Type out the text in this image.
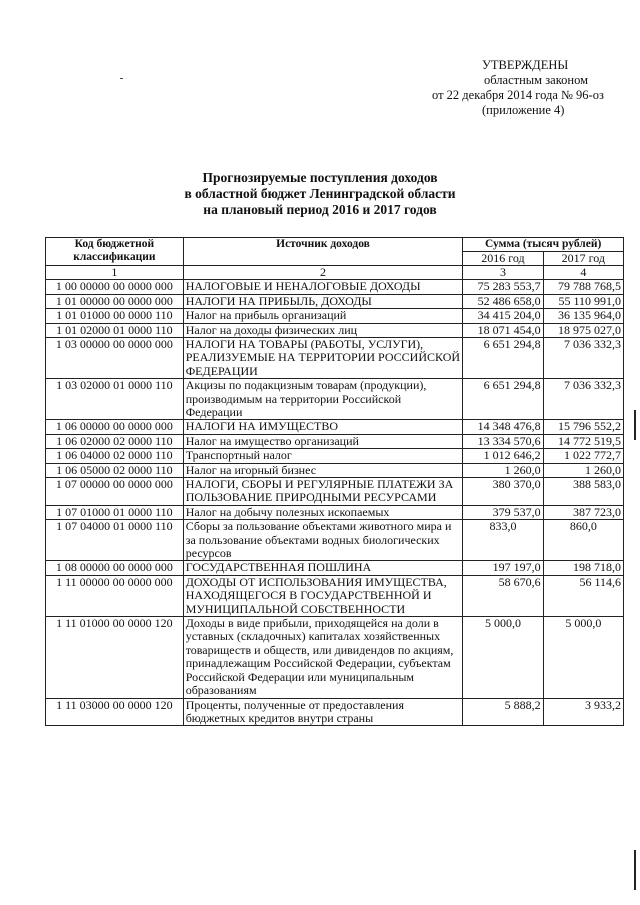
УТВЕРЖДЕНЫ
областным законом
от 22 декабря 2014 года № 96-оз
(приложение 4)
Прогнозируемые поступления доходов
в областной бюджет Ленинградской области
на плановый период 2016 и 2017 годов
Код бюджетной классификации	Источник доходов	Сумма (тысяч рублей)	
		2016 год	2017 год
1	2	3	4
1 00 00000 00 0000 000	НАЛОГОВЫЕ И НЕНАЛОГОВЫЕ ДОХОДЫ	75 283 553,7	79 788 768,5
1 01 00000 00 0000 000	НАЛОГИ НА ПРИБЫЛЬ, ДОХОДЫ	52 486 658,0	55 110 991,0
1 01 01000 00 0000 110	Налог на прибыль организаций	34 415 204,0	36 135 964,0
1 01 02000 01 0000 110	Налог на доходы физических лиц	18 071 454,0	18 975 027,0
1 03 00000 00 0000 000	НАЛОГИ НА ТОВАРЫ (РАБОТЫ, УСЛУГИ), РЕАЛИЗУЕМЫЕ НА ТЕРРИТОРИИ РОССИЙСКОЙ ФЕДЕРАЦИИ	6 651 294,8	7 036 332,3
1 03 02000 01 0000 110	Акцизы по подакцизным товарам (продукции), производимым на территории Российской Федерации	6 651 294,8	7 036 332,3
1 06 00000 00 0000 000	НАЛОГИ НА ИМУЩЕСТВО	14 348 476,8	15 796 552,2
1 06 02000 02 0000 110	Налог на имущество организаций	13 334 570,6	14 772 519,5
1 06 04000 02 0000 110	Транспортный налог	1 012 646,2	1 022 772,7
1 06 05000 02 0000 110	Налог на игорный бизнес	1 260,0	1 260,0
1 07 00000 00 0000 000	НАЛОГИ, СБОРЫ И РЕГУЛЯРНЫЕ ПЛАТЕЖИ ЗА ПОЛЬЗОВАНИЕ ПРИРОДНЫМИ РЕСУРСАМИ	380 370,0	388 583,0
1 07 01000 01 0000 110	Налог на добычу полезных ископаемых	379 537,0	387 723,0
1 07 04000 01 0000 110	Сборы за пользование объектами животного мира и за пользование объектами водных биологических ресурсов	833,0	860,0
1 08 00000 00 0000 000	ГОСУДАРСТВЕННАЯ ПОШЛИНА	197 197,0	198 718,0
1 11 00000 00 0000 000	ДОХОДЫ ОТ ИСПОЛЬЗОВАНИЯ ИМУЩЕСТВА, НАХОДЯЩЕГОСЯ В ГОСУДАРСТВЕННОЙ И МУНИЦИПАЛЬНОЙ СОБСТВЕННОСТИ	58 670,6	56 114,6
1 11 01000 00 0000 120	Доходы в виде прибыли, приходящейся на доли в уставных (складочных) капиталах хозяйственных товариществ и обществ, или дивидендов по акциям, принадлежащим Российской Федерации, субъектам Российской Федерации или муниципальным образованиям	5 000,0	5 000,0
1 11 03000 00 0000 120	Проценты, полученные от предоставления бюджетных кредитов внутри страны	5 888,2	3 933,2
